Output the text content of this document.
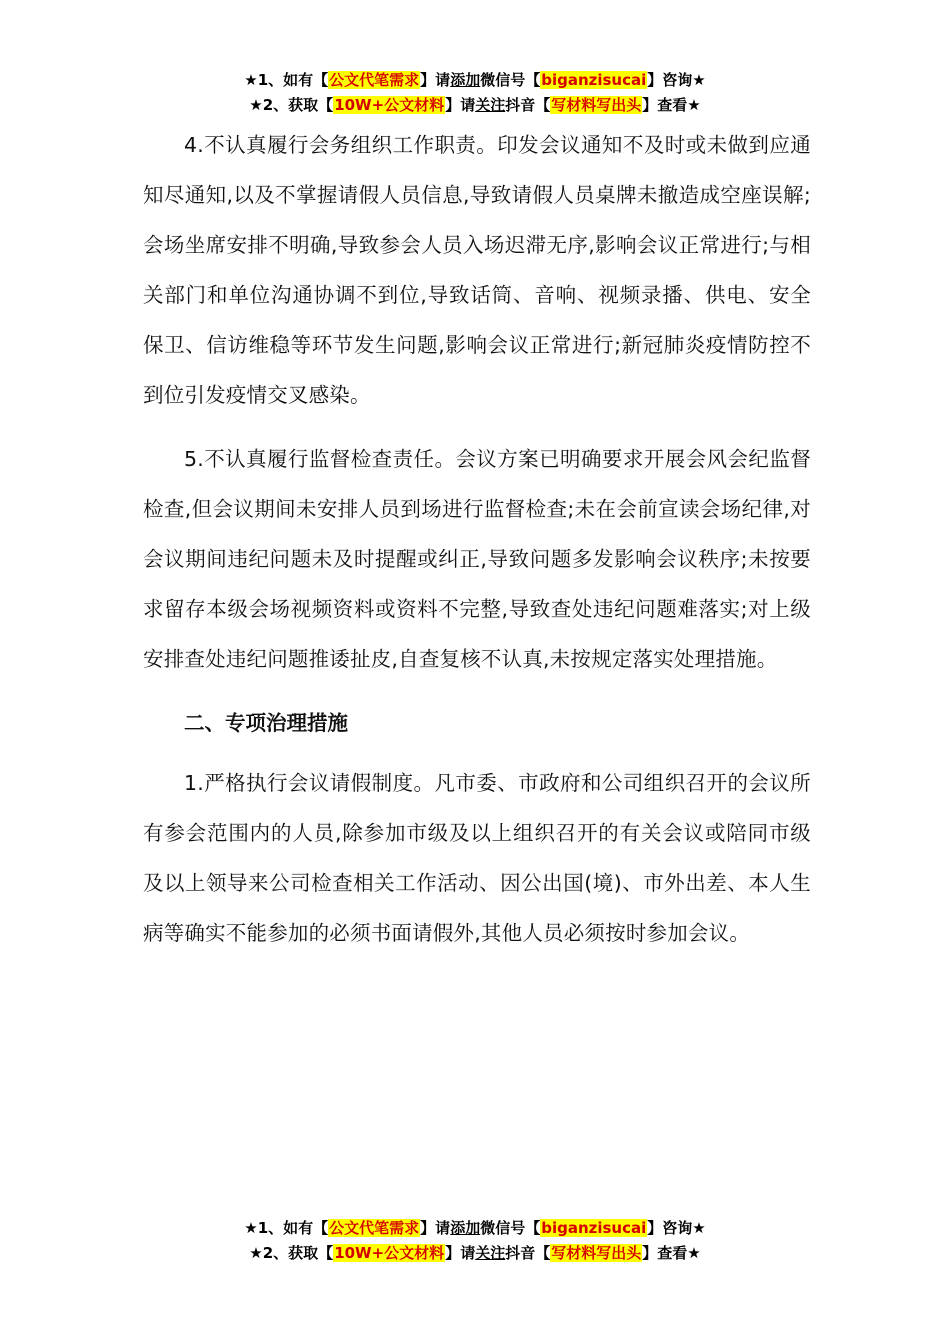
★1、如有【公文代笔需求】请添加微信号【biganzisucai】咨询★
★2、获取【10W+公文材料】请关注抖音【写材料写出头】查看★

4.不认真履行会务组织工作职责。印发会议通知不及时或未做到应通知尽通知,以及不掌握请假人员信息,导致请假人员桌牌未撤造成空座误解;会场坐席安排不明确,导致参会人员入场迟滞无序,影响会议正常进行;与相关部门和单位沟通协调不到位,导致话筒、音响、视频录播、供电、安全保卫、信访维稳等环节发生问题,影响会议正常进行;新冠肺炎疫情防控不到位引发疫情交叉感染。

5.不认真履行监督检查责任。会议方案已明确要求开展会风会纪监督检查,但会议期间未安排人员到场进行监督检查;未在会前宣读会场纪律,对会议期间违纪问题未及时提醒或纠正,导致问题多发影响会议秩序;未按要求留存本级会场视频资料或资料不完整,导致查处违纪问题难落实;对上级安排查处违纪问题推诿扯皮,自查复核不认真,未按规定落实处理措施。

二、专项治理措施

1.严格执行会议请假制度。凡市委、市政府和公司组织召开的会议所有参会范围内的人员,除参加市级及以上组织召开的有关会议或陪同市级及以上领导来公司检查相关工作活动、因公出国(境)、市外出差、本人生病等确实不能参加的必须书面请假外,其他人员必须按时参加会议。

★1、如有【公文代笔需求】请添加微信号【biganzisucai】咨询★
★2、获取【10W+公文材料】请关注抖音【写材料写出头】查看★
